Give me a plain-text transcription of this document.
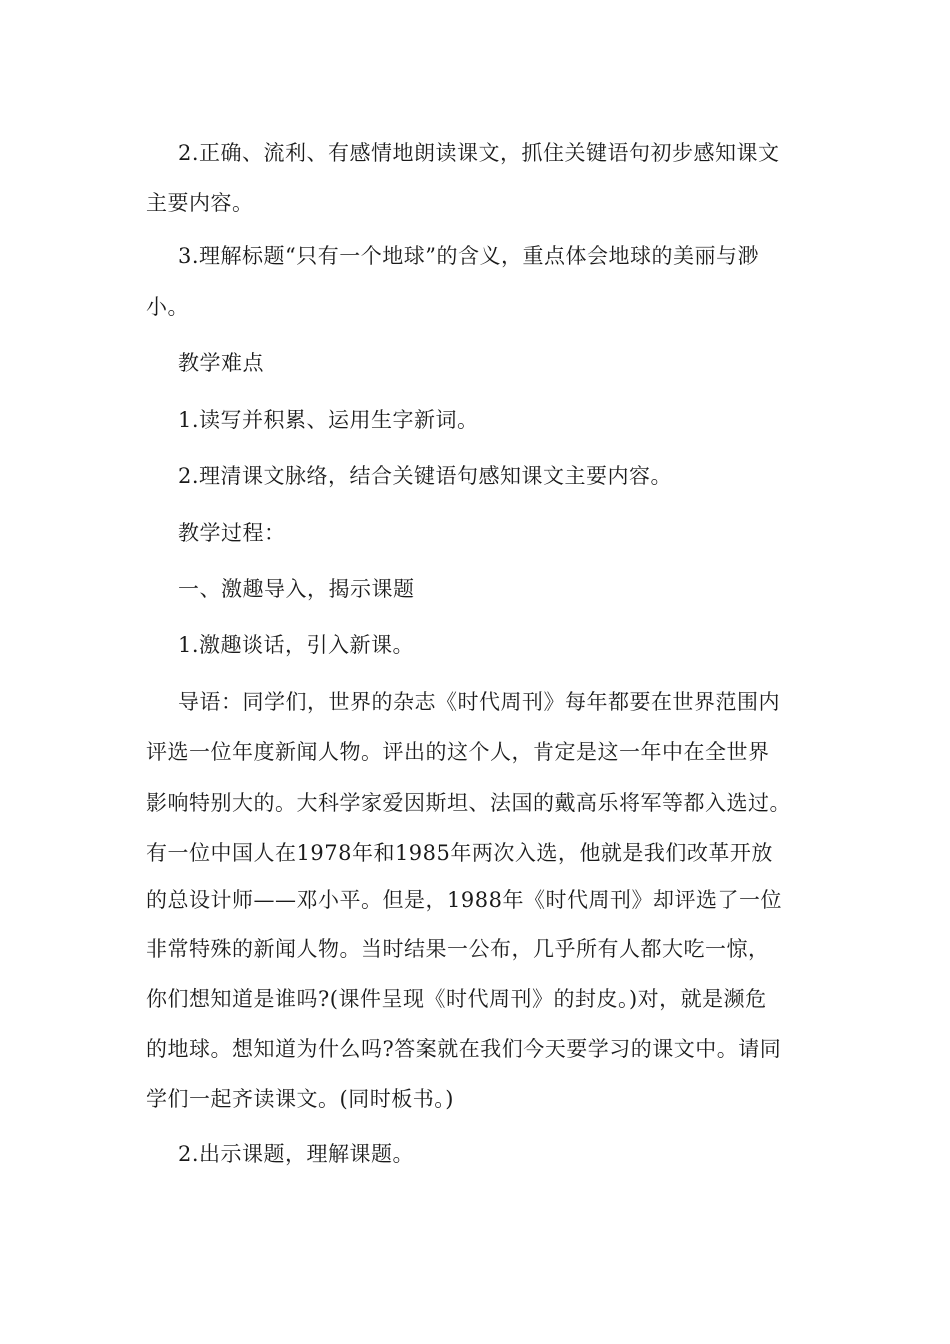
2.正确、流利、有感情地朗读课文，抓住关键语句初步感知课文
主要内容。
3.理解标题“只有一个地球”的含义，重点体会地球的美丽与渺
小。
教学难点
1.读写并积累、运用生字新词。
2.理清课文脉络，结合关键语句感知课文主要内容。
教学过程：
一、激趣导入，揭示课题
1.激趣谈话，引入新课。
导语：同学们，世界的杂志《时代周刊》每年都要在世界范围内
评选一位年度新闻人物。评出的这个人，肯定是这一年中在全世界
影响特别大的。大科学家爱因斯坦、法国的戴高乐将军等都入选过。
有一位中国人在1978年和1985年两次入选，他就是我们改革开放
的总设计师——邓小平。但是，1988年《时代周刊》却评选了一位
非常特殊的新闻人物。当时结果一公布，几乎所有人都大吃一惊，
你们想知道是谁吗?(课件呈现《时代周刊》的封皮。)对，就是濒危
的地球。想知道为什么吗?答案就在我们今天要学习的课文中。请同
学们一起齐读课文。(同时板书。)
2.出示课题，理解课题。
